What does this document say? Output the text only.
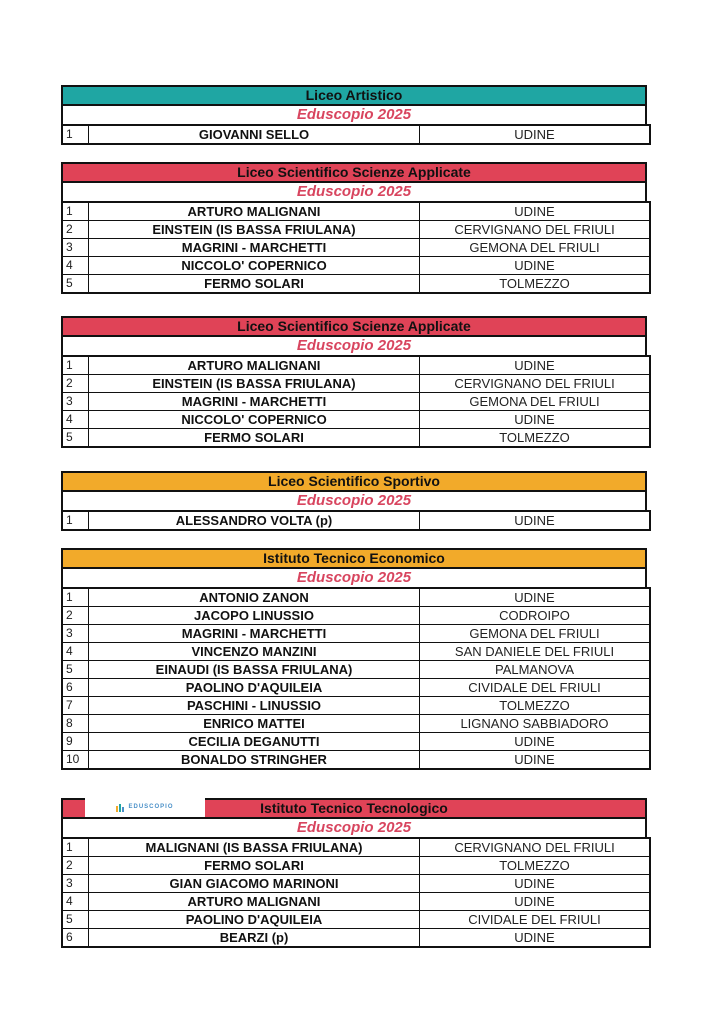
Liceo Artistico
Eduscopio 2025
1	GIOVANNI SELLO	UDINE
Liceo Scientifico Scienze Applicate
Eduscopio 2025
1	ARTURO MALIGNANI	UDINE
2	EINSTEIN (IS BASSA FRIULANA)	CERVIGNANO DEL FRIULI
3	MAGRINI - MARCHETTI	GEMONA DEL FRIULI
4	NICCOLO' COPERNICO	UDINE
5	FERMO SOLARI	TOLMEZZO
Liceo Scientifico Scienze Applicate
Eduscopio 2025
1	ARTURO MALIGNANI	UDINE
2	EINSTEIN (IS BASSA FRIULANA)	CERVIGNANO DEL FRIULI
3	MAGRINI - MARCHETTI	GEMONA DEL FRIULI
4	NICCOLO' COPERNICO	UDINE
5	FERMO SOLARI	TOLMEZZO
Liceo Scientifico Sportivo
Eduscopio 2025
1	ALESSANDRO VOLTA (p)	UDINE
Istituto Tecnico Economico
Eduscopio 2025
1	ANTONIO ZANON	UDINE
2	JACOPO LINUSSIO	CODROIPO
3	MAGRINI - MARCHETTI	GEMONA DEL FRIULI
4	VINCENZO MANZINI	SAN DANIELE DEL FRIULI
5	EINAUDI (IS BASSA FRIULANA)	PALMANOVA
6	PAOLINO D'AQUILEIA	CIVIDALE DEL FRIULI
7	PASCHINI - LINUSSIO	TOLMEZZO
8	ENRICO MATTEI	LIGNANO SABBIADORO
9	CECILIA DEGANUTTI	UDINE
10	BONALDO STRINGHER	UDINE
Istituto Tecnico Tecnologico
EDUSCOPIO
Eduscopio 2025
1	MALIGNANI (IS BASSA FRIULANA)	CERVIGNANO DEL FRIULI
2	FERMO SOLARI	TOLMEZZO
3	GIAN GIACOMO MARINONI	UDINE
4	ARTURO MALIGNANI	UDINE
5	PAOLINO D'AQUILEIA	CIVIDALE DEL FRIULI
6	BEARZI (p)	UDINE
